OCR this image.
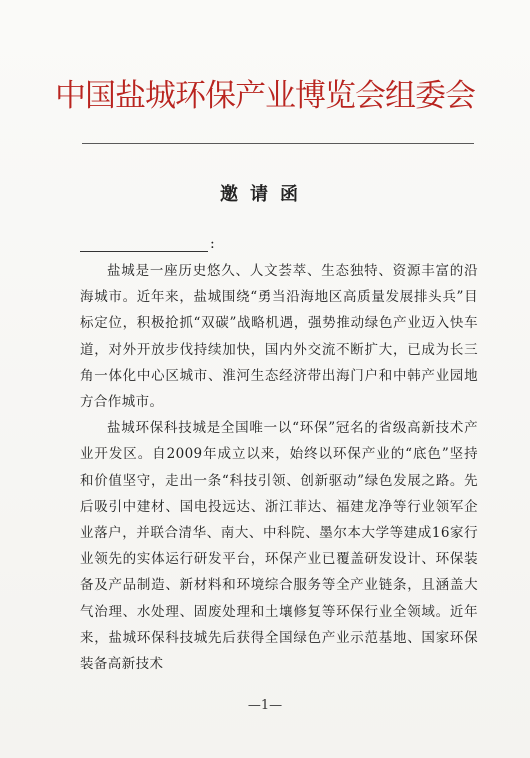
中国盐城环保产业博览会组委会
邀请函
:

盐城是一座历史悠久、人文荟萃、生态独特、资源丰富的沿海城市。近年来，盐城围绕“勇当沿海地区高质量发展排头兵”目标定位，积极抢抓“双碳”战略机遇，强势推动绿色产业迈入快车道，对外开放步伐持续加快，国内外交流不断扩大，已成为长三角一体化中心区城市、淮河生态经济带出海门户和中韩产业园地方合作城市。

盐城环保科技城是全国唯一以“环保”冠名的省级高新技术产业开发区。自2009年成立以来，始终以环保产业的“底色”坚持和价值坚守，走出一条“科技引领、创新驱动”绿色发展之路。先后吸引中建材、国电投远达、浙江菲达、福建龙净等行业领军企业落户，并联合清华、南大、中科院、墨尔本大学等建成16家行业领先的实体运行研发平台，环保产业已覆盖研发设计、环保装备及产品制造、新材料和环境综合服务等全产业链条，且涵盖大气治理、水处理、固废处理和土壤修复等环保行业全领域。近年来，盐城环保科技城先后获得全国绿色产业示范基地、国家环保装备高新技术

—1—
